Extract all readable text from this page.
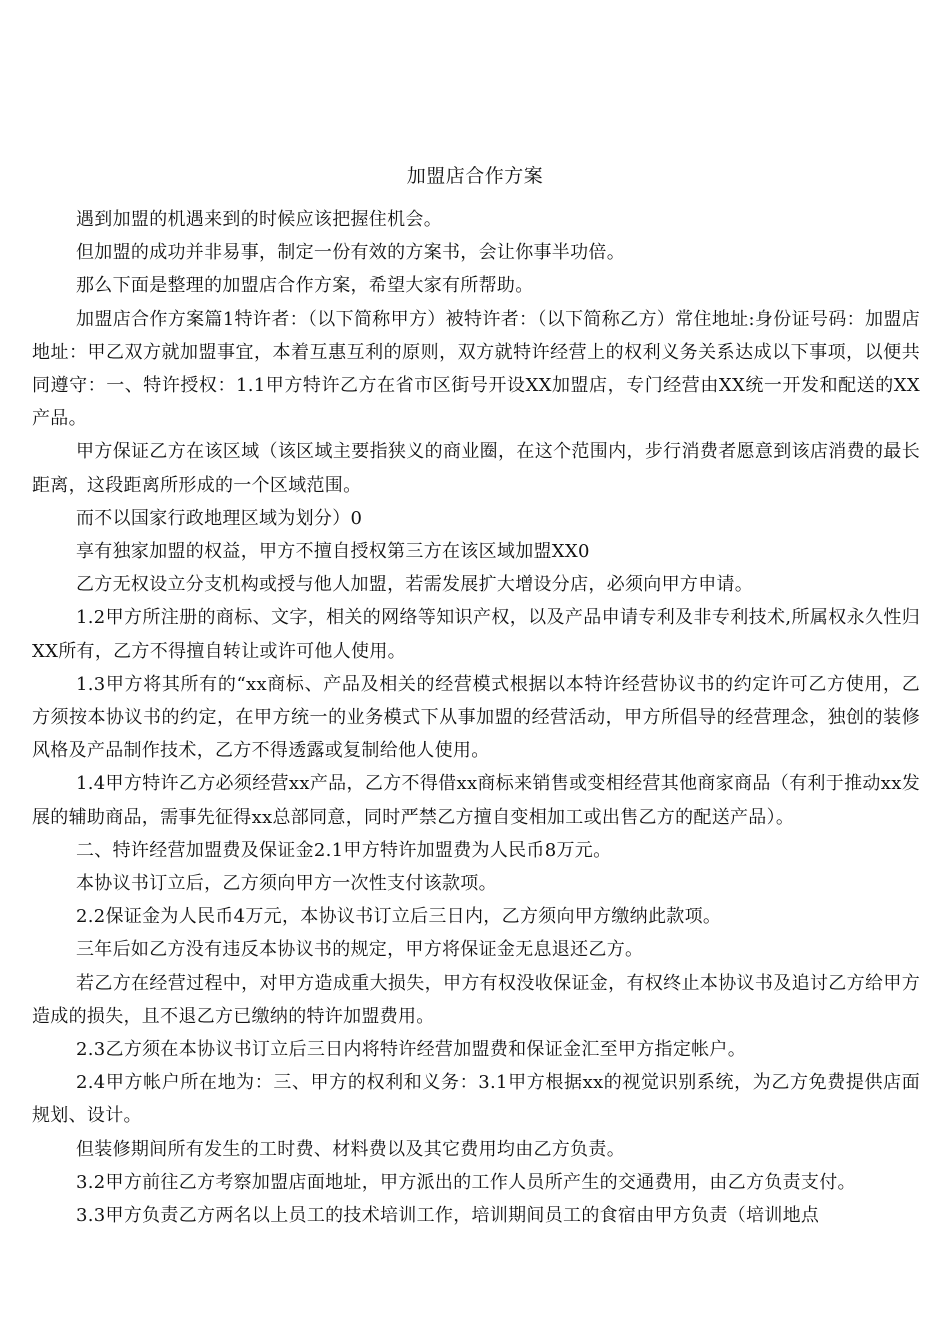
加盟店合作方案

遇到加盟的机遇来到的时候应该把握住机会。

但加盟的成功并非易事，制定一份有效的方案书，会让你事半功倍。

那么下面是整理的加盟店合作方案，希望大家有所帮助。

加盟店合作方案篇1特许者：（以下简称甲方）被特许者：（以下简称乙方）常住地址:身份证号码：加盟店地址：甲乙双方就加盟事宜，本着互惠互利的原则，双方就特许经营上的权利义务关系达成以下事项，以便共同遵守：一、特许授权：1.1甲方特许乙方在省市区街号开设XX加盟店，专门经营由XX统一开发和配送的XX产品。

甲方保证乙方在该区域（该区域主要指狭义的商业圈，在这个范围内，步行消费者愿意到该店消费的最长距离，这段距离所形成的一个区域范围。

而不以国家行政地理区域为划分）0

享有独家加盟的权益，甲方不擅自授权第三方在该区域加盟XX0

乙方无权设立分支机构或授与他人加盟，若需发展扩大增设分店，必须向甲方申请。

1.2甲方所注册的商标、文字，相关的网络等知识产权，以及产品申请专利及非专利技术,所属权永久性归XX所有，乙方不得擅自转让或许可他人使用。

1.3甲方将其所有的“xx商标、产品及相关的经营模式根据以本特许经营协议书的约定许可乙方使用，乙方须按本协议书的约定，在甲方统一的业务模式下从事加盟的经营活动，甲方所倡导的经营理念，独创的装修风格及产品制作技术，乙方不得透露或复制给他人使用。

1.4甲方特许乙方必须经营xx产品，乙方不得借xx商标来销售或变相经营其他商家商品（有利于推动xx发展的辅助商品，需事先征得xx总部同意，同时严禁乙方擅自变相加工或出售乙方的配送产品）。

二、特许经营加盟费及保证金2.1甲方特许加盟费为人民币8万元。

本协议书订立后，乙方须向甲方一次性支付该款项。

2.2保证金为人民币4万元，本协议书订立后三日内，乙方须向甲方缴纳此款项。

三年后如乙方没有违反本协议书的规定，甲方将保证金无息退还乙方。

若乙方在经营过程中，对甲方造成重大损失，甲方有权没收保证金，有权终止本协议书及追讨乙方给甲方造成的损失，且不退乙方已缴纳的特许加盟费用。

2.3乙方须在本协议书订立后三日内将特许经营加盟费和保证金汇至甲方指定帐户。

2.4甲方帐户所在地为：三、甲方的权利和义务：3.1甲方根据xx的视觉识别系统，为乙方免费提供店面规划、设计。

但装修期间所有发生的工时费、材料费以及其它费用均由乙方负责。

3.2甲方前往乙方考察加盟店面地址，甲方派出的工作人员所产生的交通费用，由乙方负责支付。

3.3甲方负责乙方两名以上员工的技术培训工作，培训期间员工的食宿由甲方负责（培训地点
